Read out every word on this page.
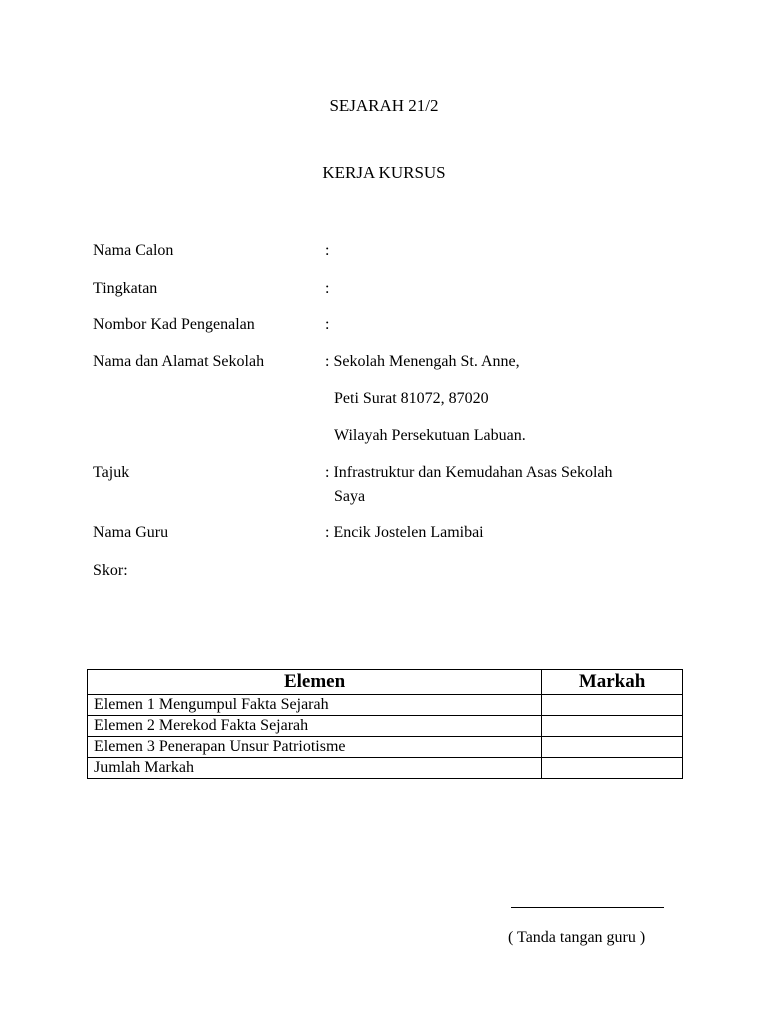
SEJARAH 21/2
KERJA KURSUS
Nama Calon	:
Tingkatan	:
Nombor Kad Pengenalan	:
Nama dan Alamat Sekolah	: Sekolah Menengah St. Anne,
Peti Surat 81072, 87020
Wilayah Persekutuan Labuan.
Tajuk	: Infrastruktur dan Kemudahan Asas Sekolah
Saya
Nama Guru	: Encik Jostelen Lamibai
Skor:
Elemen	Markah
Elemen 1 Mengumpul Fakta Sejarah	
Elemen 2 Merekod Fakta Sejarah	
Elemen 3 Penerapan Unsur Patriotisme	
Jumlah Markah	
( Tanda tangan guru )
